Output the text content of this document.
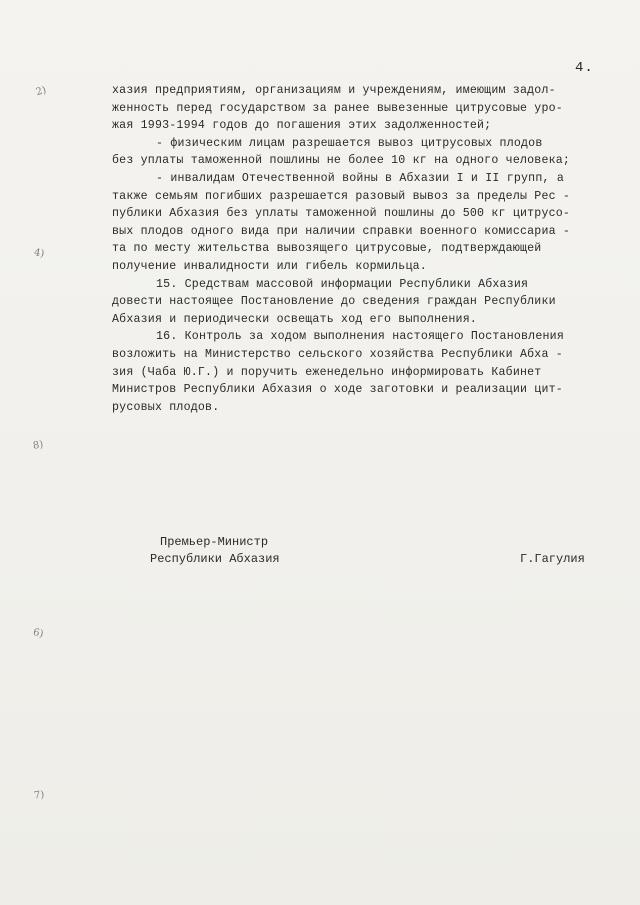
4.
2)
4)
8)
6)
7)
хазия предприятиям, организациям и учреждениям, имеющим задол-
женность перед государством за ранее вывезенные цитрусовые уро-
жая 1993-1994 годов до погашения этих задолженностей;
- физическим лицам разрешается вывоз цитрусовых плодов
без уплаты таможенной пошлины не более 10 кг на одного человека;
- инвалидам Отечественной войны в Абхазии I и II групп, а
также семьям погибших разрешается разовый вывоз за пределы Рес -
публики Абхазия без уплаты таможенной пошлины до 500 кг цитрусо-
вых плодов одного вида при наличии справки военного комиссариа -
та по месту жительства вывозящего цитрусовые, подтверждающей
получение инвалидности или гибель кормильца.
15. Средствам массовой информации Республики Абхазия
довести настоящее Постановление до сведения граждан Республики
Абхазия и периодически освещать ход его выполнения.
16. Контроль за ходом выполнения настоящего Постановления
возложить на Министерство сельского хозяйства Республики Абха -
зия (Чаба Ю.Г.) и поручить еженедельно информировать Кабинет
Министров Республики Абхазия о ходе заготовки и реализации цит-
русовых плодов.
Премьер-Министр
Республики Абхазия	Г.Гагулия
